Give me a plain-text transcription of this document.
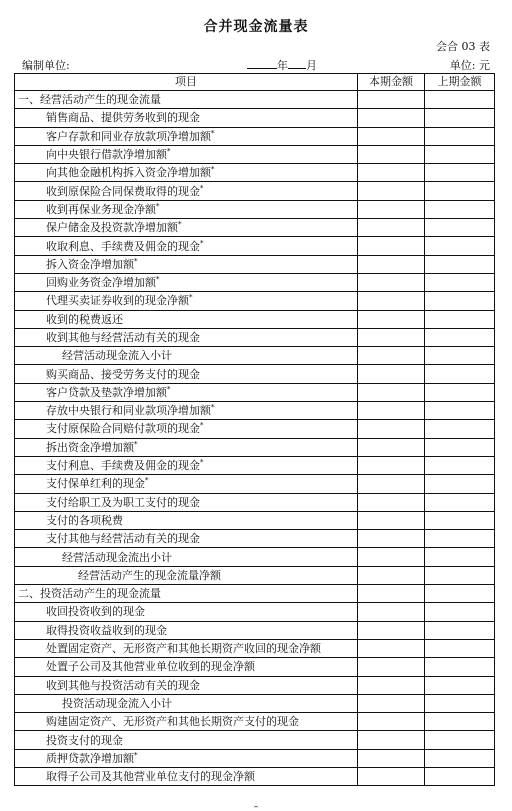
合并现金流量表
会合 03 表
编制单位:	年 月	单位: 元
项目	本期金额	上期金额
一、经营活动产生的现金流量		
销售商品、提供劳务收到的现金		
客户存款和同业存放款项净增加额*		
向中央银行借款净增加额*		
向其他金融机构拆入资金净增加额*		
收到原保险合同保费取得的现金*		
收到再保业务现金净额*		
保户储金及投资款净增加额*		
收取利息、手续费及佣金的现金*		
拆入资金净增加额*		
回购业务资金净增加额*		
代理买卖证券收到的现金净额*		
收到的税费返还		
收到其他与经营活动有关的现金		
经营活动现金流入小计		
购买商品、接受劳务支付的现金		
客户贷款及垫款净增加额*		
存放中央银行和同业款项净增加额*		
支付原保险合同赔付款项的现金*		
拆出资金净增加额*		
支付利息、手续费及佣金的现金*		
支付保单红利的现金*		
支付给职工及为职工支付的现金		
支付的各项税费		
支付其他与经营活动有关的现金		
经营活动现金流出小计		
经营活动产生的现金流量净额		
二、投资活动产生的现金流量		
收回投资收到的现金		
取得投资收益收到的现金		
处置固定资产、无形资产和其他长期资产收回的现金净额		
处置子公司及其他营业单位收到的现金净额		
收到其他与投资活动有关的现金		
投资活动现金流入小计		
购建固定资产、无形资产和其他长期资产支付的现金		
投资支付的现金		
质押贷款净增加额*		
取得子公司及其他营业单位支付的现金净额		
